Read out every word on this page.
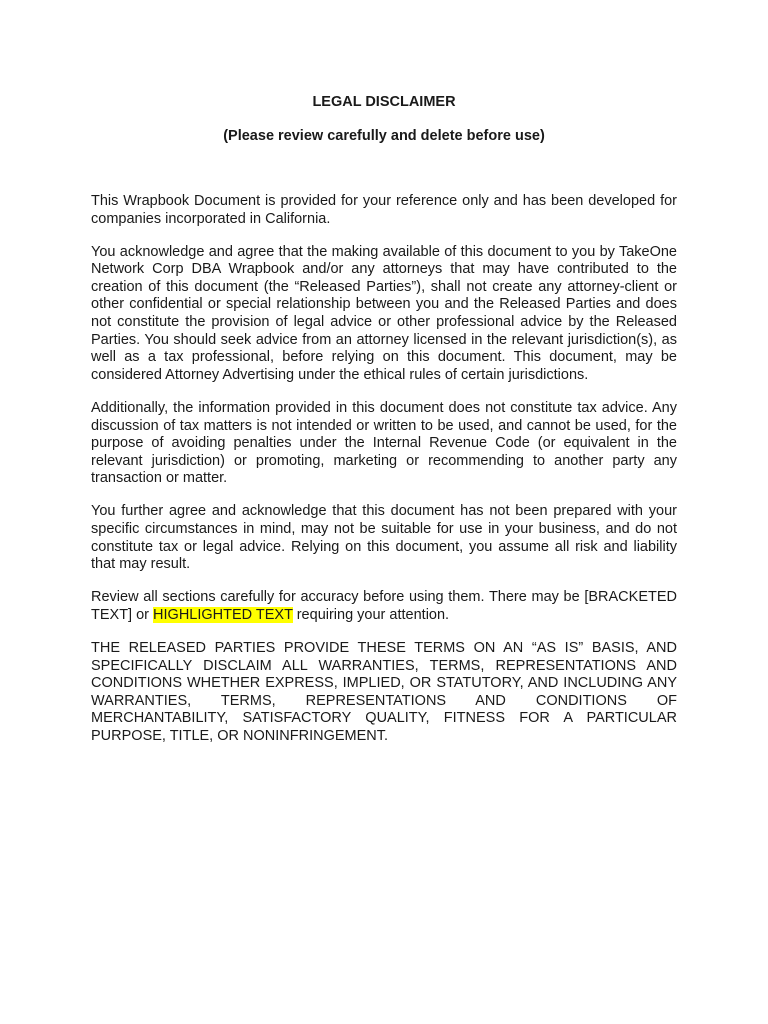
LEGAL DISCLAIMER
(Please review carefully and delete before use)

This Wrapbook Document is provided for your reference only and has been developed for companies incorporated in California.

You acknowledge and agree that the making available of this document to you by TakeOne Network Corp DBA Wrapbook and/or any attorneys that may have contributed to the creation of this document (the “Released Parties”), shall not create any attorney-client or other confidential or special relationship between you and the Released Parties and does not constitute the provision of legal advice or other professional advice by the Released Parties. You should seek advice from an attorney licensed in the relevant jurisdiction(s), as well as a tax professional, before relying on this document. This document, may be considered Attorney Advertising under the ethical rules of certain jurisdictions.

Additionally, the information provided in this document does not constitute tax advice. Any discussion of tax matters is not intended or written to be used, and cannot be used, for the purpose of avoiding penalties under the Internal Revenue Code (or equivalent in the relevant jurisdiction) or promoting, marketing or recommending to another party any transaction or matter.

You further agree and acknowledge that this document has not been prepared with your specific circumstances in mind, may not be suitable for use in your business, and do not constitute tax or legal advice. Relying on this document, you assume all risk and liability that may result.

Review all sections carefully for accuracy before using them. There may be [BRACKETED TEXT] or HIGHLIGHTED TEXT requiring your attention.

THE RELEASED PARTIES PROVIDE THESE TERMS ON AN “AS IS” BASIS, AND SPECIFICALLY DISCLAIM ALL WARRANTIES, TERMS, REPRESENTATIONS AND CONDITIONS WHETHER EXPRESS, IMPLIED, OR STATUTORY, AND INCLUDING ANY WARRANTIES, TERMS, REPRESENTATIONS AND CONDITIONS OF MERCHANTABILITY, SATISFACTORY QUALITY, FITNESS FOR A PARTICULAR PURPOSE, TITLE, OR NONINFRINGEMENT.
